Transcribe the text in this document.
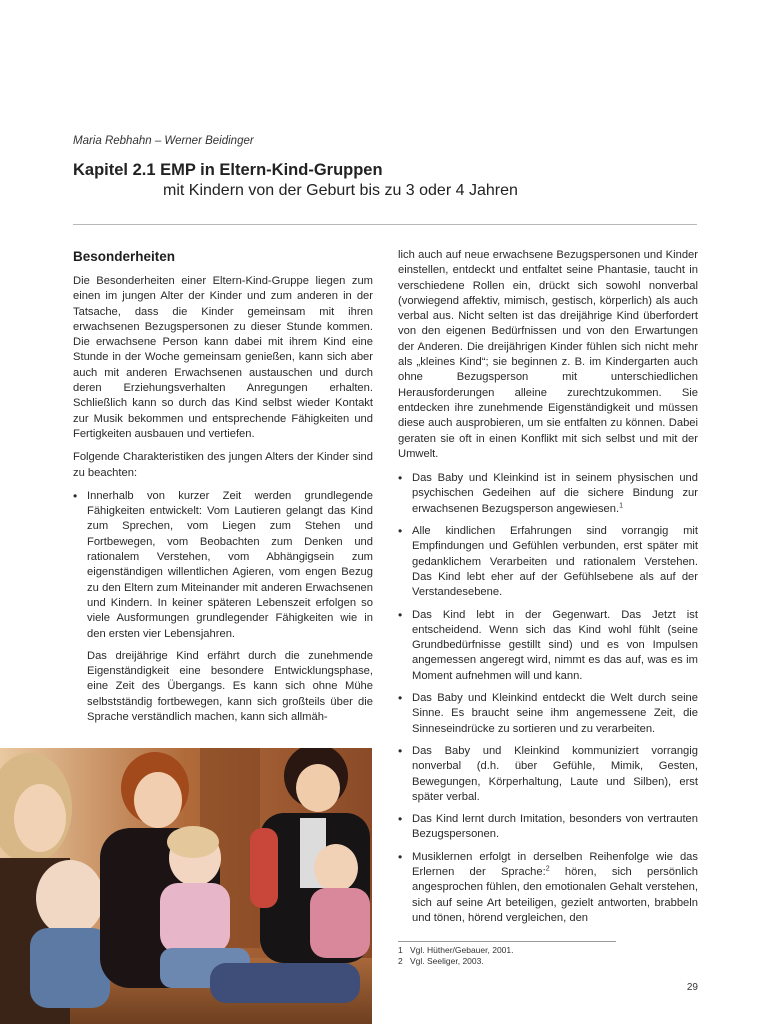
Maria Rebhahn – Werner Beidinger
Kapitel 2.1 EMP in Eltern-Kind-Gruppen
mit Kindern von der Geburt bis zu 3 oder 4 Jahren
Besonderheiten

Die Besonderheiten einer Eltern-Kind-Gruppe liegen zum einen im jungen Alter der Kinder und zum anderen in der Tatsache, dass die Kinder gemeinsam mit ihren erwachsenen Bezugspersonen zu dieser Stunde kommen. Die erwachsene Person kann dabei mit ihrem Kind eine Stunde in der Woche gemeinsam genießen, kann sich aber auch mit anderen Erwachsenen austauschen und durch deren Erziehungsverhalten Anregungen erhalten. Schließlich kann so durch das Kind selbst wieder Kontakt zur Musik bekommen und entsprechende Fähigkeiten und Fertigkeiten ausbauen und vertiefen.

Folgende Charakteristiken des jungen Alters der Kinder sind zu beachten:

• Innerhalb von kurzer Zeit werden grundlegende Fähigkeiten entwickelt: Vom Lautieren gelangt das Kind zum Sprechen, vom Liegen zum Stehen und Fortbewegen, vom Beobachten zum Denken und rationalem Verstehen, vom Abhängigsein zum eigenständigen willentlichen Agieren, vom engen Bezug zu den Eltern zum Miteinander mit anderen Erwachsenen und Kindern. In keiner späteren Lebenszeit erfolgen so viele Ausformungen grundlegender Fähigkeiten wie in den ersten vier Lebensjahren.

Das dreijährige Kind erfährt durch die zunehmende Eigenständigkeit eine besondere Entwicklungsphase, eine Zeit des Übergangs. Es kann sich ohne Mühe selbstständig fortbewegen, kann sich großteils über die Sprache verständlich machen, kann sich allmäh-

lich auch auf neue erwachsene Bezugspersonen und Kinder einstellen, entdeckt und entfaltet seine Phantasie, taucht in verschiedene Rollen ein, drückt sich sowohl nonverbal (vorwiegend affektiv, mimisch, gestisch, körperlich) als auch verbal aus. Nicht selten ist das dreijährige Kind überfordert von den eigenen Bedürfnissen und von den Erwartungen der Anderen. Die dreijährigen Kinder fühlen sich nicht mehr als „kleines Kind“; sie beginnen z. B. im Kindergarten auch ohne Bezugsperson mit unterschiedlichen Herausforderungen alleine zurechtzukommen. Sie entdecken ihre zunehmende Eigenständigkeit und müssen diese auch ausprobieren, um sie entfalten zu können. Dabei geraten sie oft in einen Konflikt mit sich selbst und mit der Umwelt.

• Das Baby und Kleinkind ist in seinem physischen und psychischen Gedeihen auf die sichere Bindung zur erwachsenen Bezugsperson angewiesen.$^1$
• Alle kindlichen Erfahrungen sind vorrangig mit Empfindungen und Gefühlen verbunden, erst später mit gedanklichem Verarbeiten und rationalem Verstehen. Das Kind lebt eher auf der Gefühlsebene als auf der Verstandesebene.
• Das Kind lebt in der Gegenwart. Das Jetzt ist entscheidend. Wenn sich das Kind wohl fühlt (seine Grundbedürfnisse gestillt sind) und es von Impulsen angemessen angeregt wird, nimmt es das auf, was es im Moment aufnehmen will und kann.
• Das Baby und Kleinkind entdeckt die Welt durch seine Sinne. Es braucht seine ihm angemessene Zeit, die Sinneseindrücke zu sortieren und zu verarbeiten.
• Das Baby und Kleinkind kommuniziert vorrangig nonverbal (d.h. über Gefühle, Mimik, Gesten, Bewegungen, Körperhaltung, Laute und Silben), erst später verbal.
• Das Kind lernt durch Imitation, besonders von vertrauten Bezugspersonen.
• Musiklernen erfolgt in derselben Reihenfolge wie das Erlernen der Sprache:$^2$ hören, sich persönlich angesprochen fühlen, den emotionalen Gehalt verstehen, sich auf seine Art beteiligen, gezielt antworten, brabbeln und tönen, hörend vergleichen, den
1 Vgl. Hüther/Gebauer, 2001.
2 Vgl. Seeliger, 2003.
29
